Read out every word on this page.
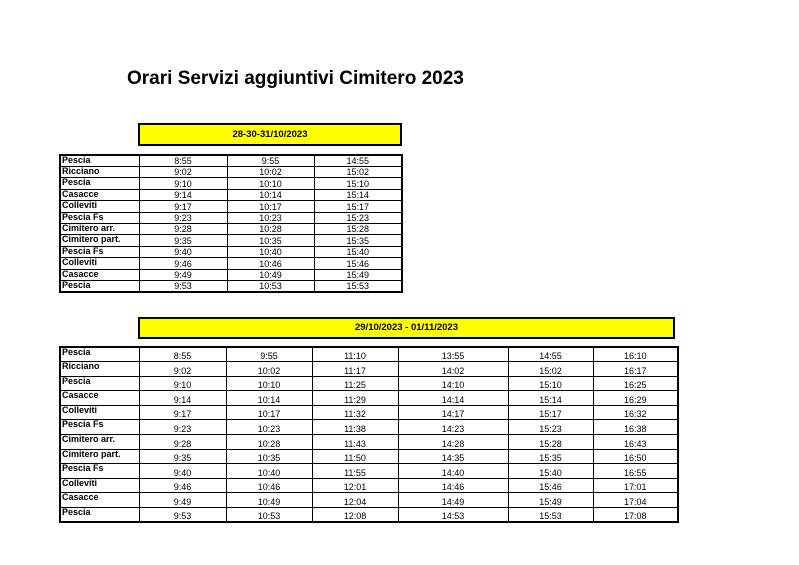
Orari Servizi aggiuntivi Cimitero 2023
28-30-31/10/2023
Pescia	8:55	9:55	14:55
Ricciano	9:02	10:02	15:02
Pescia	9:10	10:10	15:10
Casacce	9:14	10:14	15:14
Colleviti	9:17	10:17	15:17
Pescia Fs	9:23	10:23	15:23
Cimitero arr.	9:28	10:28	15:28
Cimitero part.	9:35	10:35	15:35
Pescia Fs	9:40	10:40	15:40
Colleviti	9:46	10:46	15:46
Casacce	9:49	10:49	15:49
Pescia	9:53	10:53	15:53
29/10/2023 - 01/11/2023
Pescia	8:55	9:55	11:10	13:55	14:55	16:10
Ricciano	9:02	10:02	11:17	14:02	15:02	16:17
Pescia	9:10	10:10	11:25	14:10	15:10	16:25
Casacce	9:14	10:14	11:29	14:14	15:14	16:29
Colleviti	9:17	10:17	11:32	14:17	15:17	16:32
Pescia Fs	9:23	10:23	11:38	14:23	15:23	16:38
Cimitero arr.	9:28	10:28	11:43	14:28	15:28	16:43
Cimitero part.	9:35	10:35	11:50	14:35	15:35	16:50
Pescia Fs	9:40	10:40	11:55	14:40	15:40	16:55
Colleviti	9:46	10:46	12:01	14:46	15:46	17:01
Casacce	9:49	10:49	12:04	14:49	15:49	17:04
Pescia	9:53	10:53	12:08	14:53	15:53	17:08
